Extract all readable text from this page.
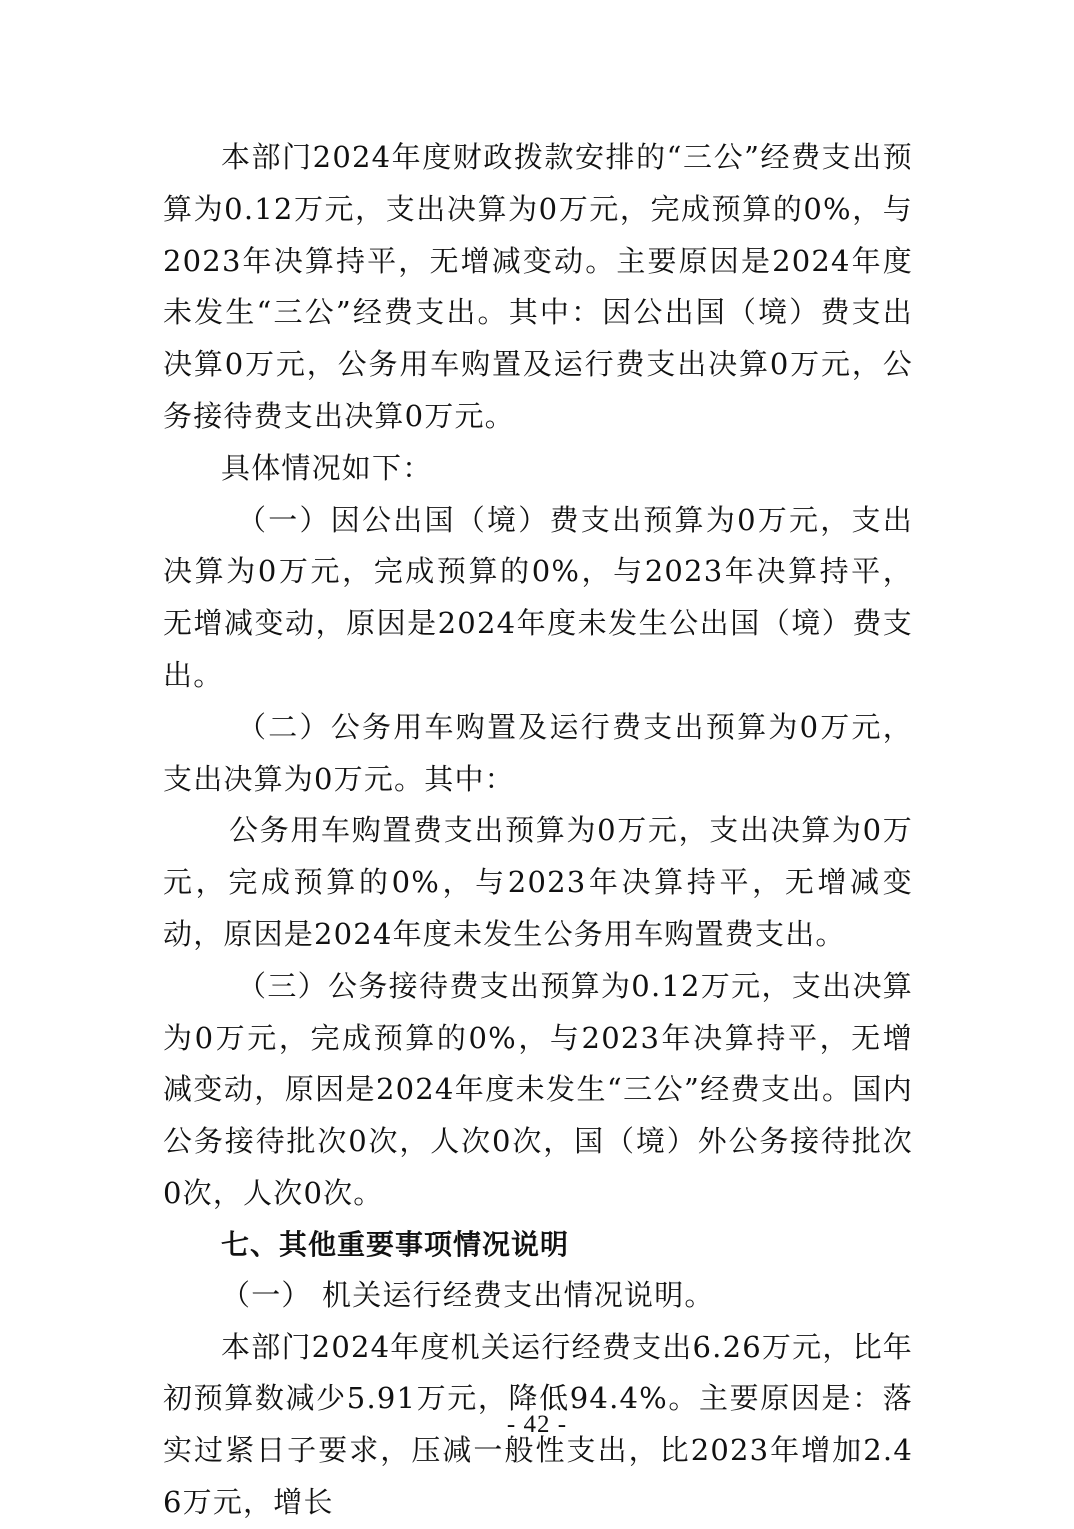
本部门2024年度财政拨款安排的“三公”经费支出预算为0.12万元，支出决算为0万元，完成预算的0%，与2023年决算持平，无增减变动。主要原因是2024年度未发生“三公”经费支出。其中：因公出国（境）费支出决算0万元，公务用车购置及运行费支出决算0万元，公务接待费支出决算0万元。

具体情况如下：

（一）因公出国（境）费支出预算为0万元，支出决算为0万元，完成预算的0%，与2023年决算持平，无增减变动，原因是2024年度未发生公出国（境）费支出。

（二）公务用车购置及运行费支出预算为0万元，支出决算为0万元。其中：

公务用车购置费支出预算为0万元，支出决算为0万元，完成预算的0%，与2023年决算持平，无增减变动，原因是2024年度未发生公务用车购置费支出。

（三）公务接待费支出预算为0.12万元，支出决算为0万元，完成预算的0%，与2023年决算持平，无增减变动，原因是2024年度未发生“三公”经费支出。国内公务接待批次0次，人次0次，国（境）外公务接待批次0次，人次0次。

七、其他重要事项情况说明

（一） 机关运行经费支出情况说明。

本部门2024年度机关运行经费支出6.26万元，比年初预算数减少5.91万元，降低94.4%。主要原因是：落实过紧日子要求，压减一般性支出，比2023年增加2.46万元，增长

- 42 -
